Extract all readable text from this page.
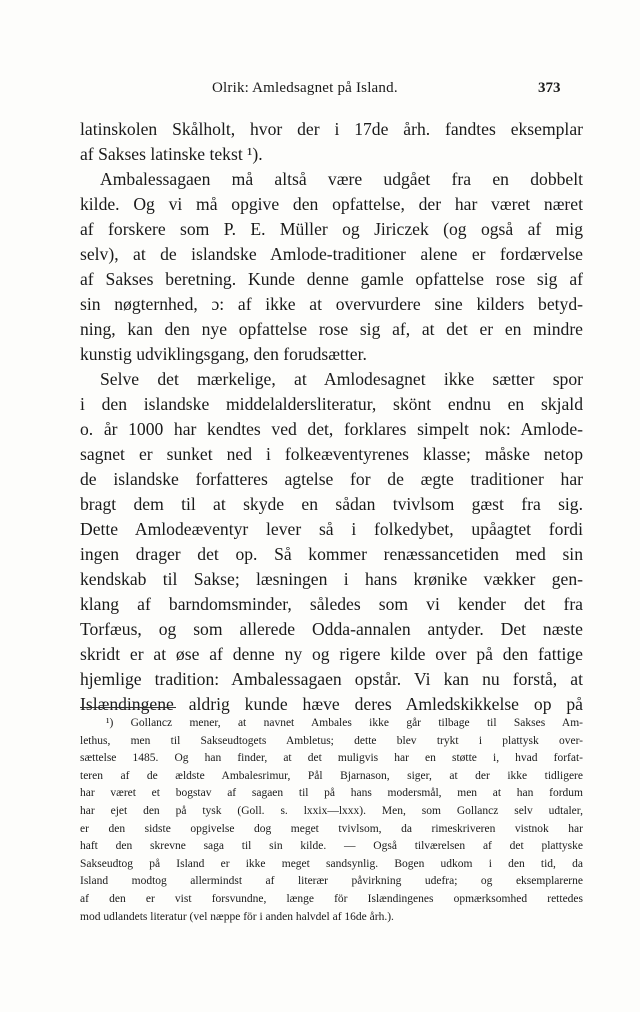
Olrik: Amledsagnet på Island.	373
latinskolen Skålholt, hvor der i 17de årh. fandtes eksemplar
af Sakses latinske tekst ¹).
Ambalessagaen må altså være udgået fra en dobbelt
kilde. Og vi må opgive den opfattelse, der har været næret
af forskere som P. E. Müller og Jiriczek (og også af mig
selv), at de islandske Amlode-traditioner alene er fordærvelse
af Sakses beretning. Kunde denne gamle opfattelse rose sig af
sin nøgternhed, ɔ: af ikke at overvurdere sine kilders betyd-
ning, kan den nye opfattelse rose sig af, at det er en mindre
kunstig udviklingsgang, den forudsætter.
Selve det mærkelige, at Amlodesagnet ikke sætter spor
i den islandske middelaldersliteratur, skönt endnu en skjald
o. år 1000 har kendtes ved det, forklares simpelt nok: Amlode-
sagnet er sunket ned i folkeæventyrenes klasse; måske netop
de islandske forfatteres agtelse for de ægte traditioner har
bragt dem til at skyde en sådan tvivlsom gæst fra sig.
Dette Amlodeæventyr lever så i folkedybet, upåagtet fordi
ingen drager det op. Så kommer renæssancetiden med sin
kendskab til Sakse; læsningen i hans krønike vækker gen-
klang af barndomsminder, således som vi kender det fra
Torfæus, og som allerede Odda-annalen antyder. Det næste
skridt er at øse af denne ny og rigere kilde over på den fattige
hjemlige tradition: Ambalessagaen opstår. Vi kan nu forstå, at
Islændingene aldrig kunde hæve deres Amledskikkelse op på
¹) Gollancz mener, at navnet Ambales ikke går tilbage til Sakses Am-
lethus, men til Sakseudtogets Ambletus; dette blev trykt i plattysk over-
sættelse 1485. Og han finder, at det muligvis har en støtte i, hvad forfat-
teren af de ældste Ambalesrimur, Pål Bjarnason, siger, at der ikke tidligere
har været et bogstav af sagaen til på hans modersmål, men at han fordum
har ejet den på tysk (Goll. s. lxxix—lxxx). Men, som Gollancz selv udtaler,
er den sidste opgivelse dog meget tvivlsom, da rimeskriveren vistnok har
haft den skrevne saga til sin kilde. — Også tilværelsen af det plattyske
Sakseudtog på Island er ikke meget sandsynlig. Bogen udkom i den tid, da
Island modtog allermindst af literær påvirkning udefra; og eksemplarerne
af den er vist forsvundne, længe för Islændingenes opmærksomhed rettedes
mod udlandets literatur (vel næppe för i anden halvdel af 16de årh.).
